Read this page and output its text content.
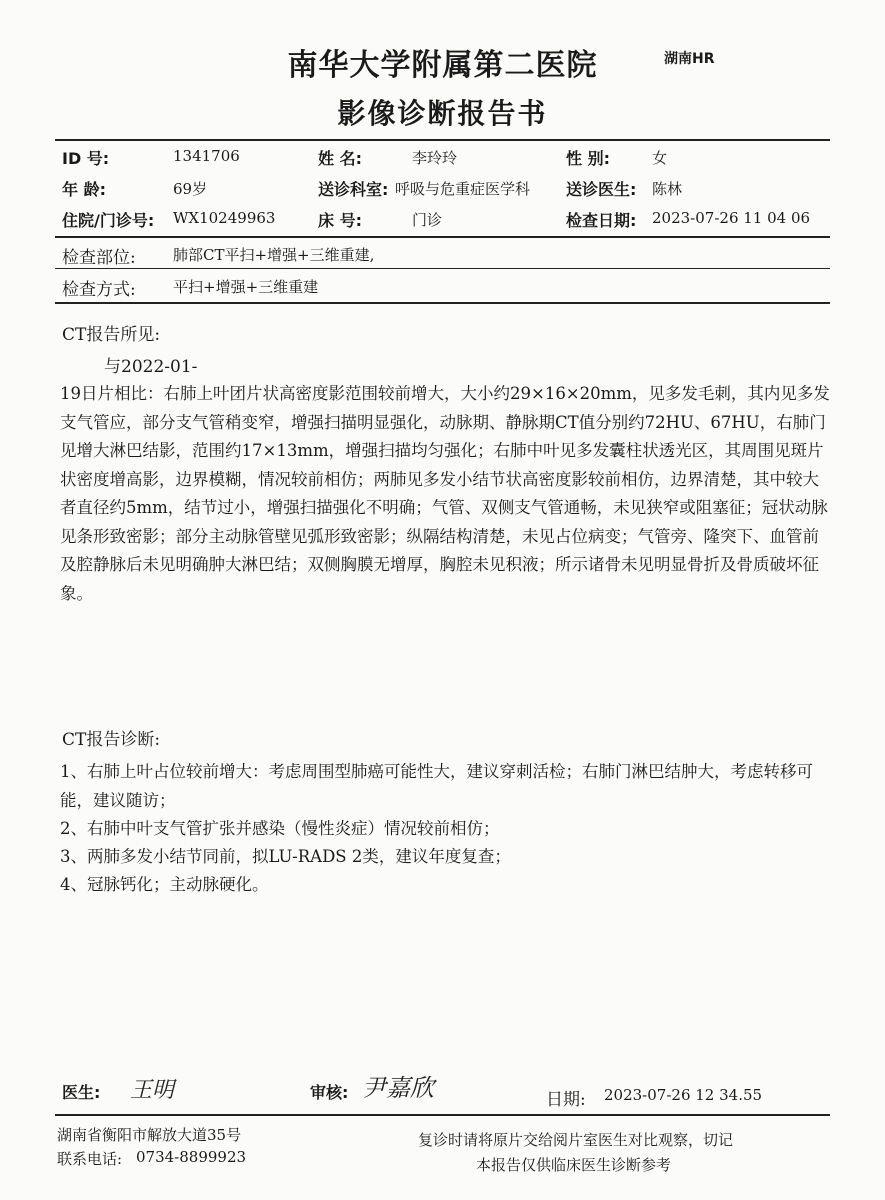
南华大学附属第二医院	湖南HR
影像诊断报告书
ID 号:	1341706	姓 名:	李玲玲	性 别:	女
年 龄:	69岁	送诊科室: 呼吸与危重症医学科 送诊医生: 陈林
住院/门诊号: WX10249963	床 号:	门诊	检查日期: 2023-07-26 11 04 06
检查部位: 肺部CT平扫+增强+三维重建,
检查方式: 平扫+增强+三维重建
CT报告所见:
与2022-01-
19日片相比：右肺上叶团片状高密度影范围较前增大，大小约29×16×20mm，见多发毛刺，其内见多发支气管应，部分支气管稍变窄，增强扫描明显强化，动脉期、静脉期CT值分别约72HU、67HU，右肺门见增大淋巴结影，范围约17×13mm，增强扫描均匀强化；右肺中叶见多发囊柱状透光区，其周围见斑片状密度增高影，边界模糊，情况较前相仿；两肺见多发小结节状高密度影较前相仿，边界清楚，其中较大者直径约5mm，结节过小，增强扫描强化不明确；气管、双侧支气管通畅，未见狭窄或阻塞征；冠状动脉见条形致密影；部分主动脉管壁见弧形致密影；纵隔结构清楚，未见占位病变；气管旁、隆突下、血管前及腔静脉后未见明确肿大淋巴结；双侧胸膜无增厚，胸腔未见积液；所示诸骨未见明显骨折及骨质破坏征象。
CT报告诊断:
1、右肺上叶占位较前增大：考虑周围型肺癌可能性大，建议穿刺活检；右肺门淋巴结肿大，考虑转移可能，建议随访；
2、右肺中叶支气管扩张并感染（慢性炎症）情况较前相仿；
3、两肺多发小结节同前，拟LU-RADS 2类，建议年度复查；
4、冠脉钙化；主动脉硬化。
医生: 王明	审核: 尹嘉欣	日期: 2023-07-26 12 34.55
湖南省衡阳市解放大道35号
联系电话: 0734-8899923
复诊时请将原片交给阅片室医生对比观察，切记
本报告仅供临床医生诊断参考
